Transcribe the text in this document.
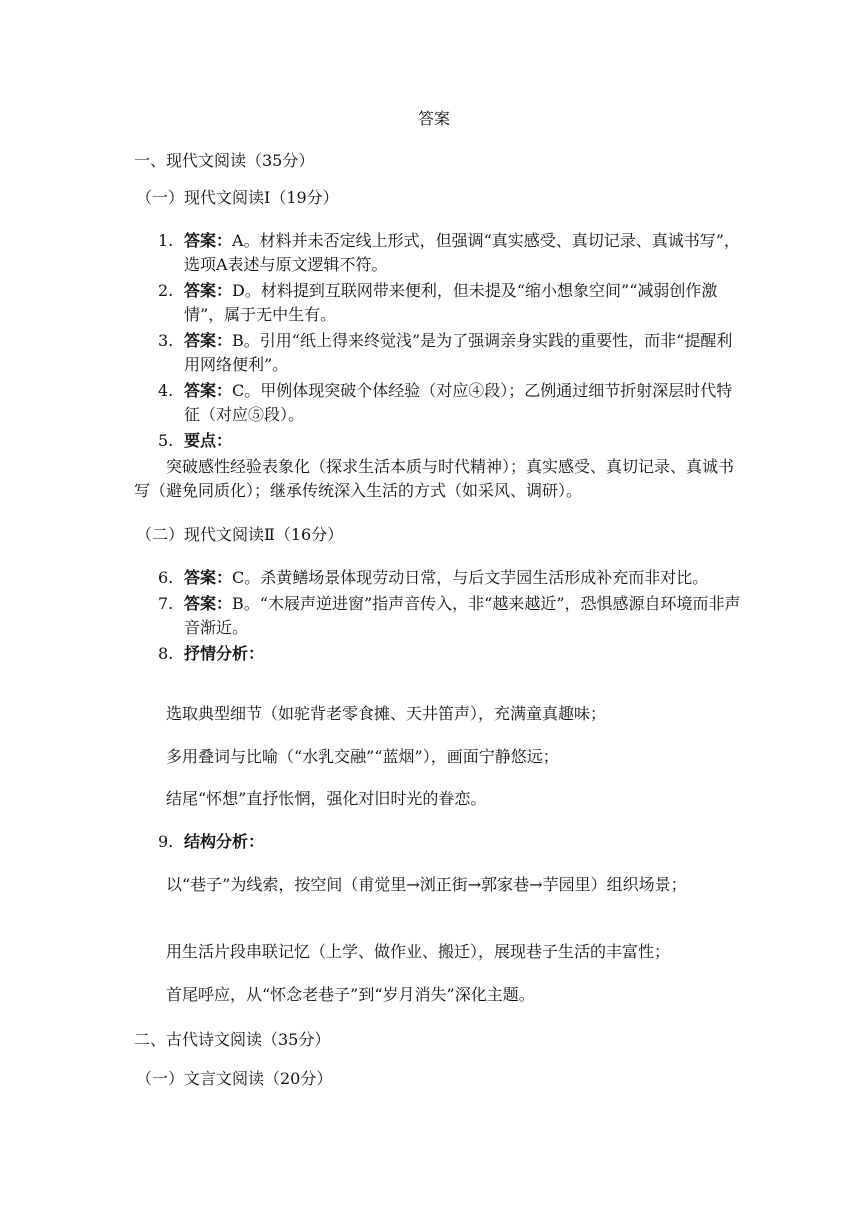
答案
一、现代文阅读（35分）
（一）现代文阅读Ⅰ（19分）
1. 答案：A。材料并未否定线上形式，但强调“真实感受、真切记录、真诚书写”，选项A表述与原文逻辑不符。
2. 答案：D。材料提到互联网带来便利，但未提及“缩小想象空间”“减弱创作激情”，属于无中生有。
3. 答案：B。引用“纸上得来终觉浅”是为了强调亲身实践的重要性，而非“提醒利用网络便利”。
4. 答案：C。甲例体现突破个体经验（对应④段）；乙例通过细节折射深层时代特征（对应⑤段）。
5. 要点：
突破感性经验表象化（探求生活本质与时代精神）；真实感受、真切记录、真诚书写（避免同质化）；继承传统深入生活的方式（如采风、调研）。
（二）现代文阅读Ⅱ（16分）
6. 答案：C。杀黄鳝场景体现劳动日常，与后文芋园生活形成补充而非对比。
7. 答案：B。“木屐声逆进窗”指声音传入，非“越来越近”，恐惧感源自环境而非声音渐近。
8. 抒情分析：
选取典型细节（如驼背老零食摊、天井笛声），充满童真趣味；
多用叠词与比喻（“水乳交融”“蓝烟”），画面宁静悠远；
结尾“怀想”直抒怅惘，强化对旧时光的眷恋。
9. 结构分析：
以“巷子”为线索，按空间（甫觉里→浏正街→郭家巷→芋园里）组织场景；
用生活片段串联记忆（上学、做作业、搬迁），展现巷子生活的丰富性；
首尾呼应，从“怀念老巷子”到“岁月消失”深化主题。
二、古代诗文阅读（35分）
（一）文言文阅读（20分）
